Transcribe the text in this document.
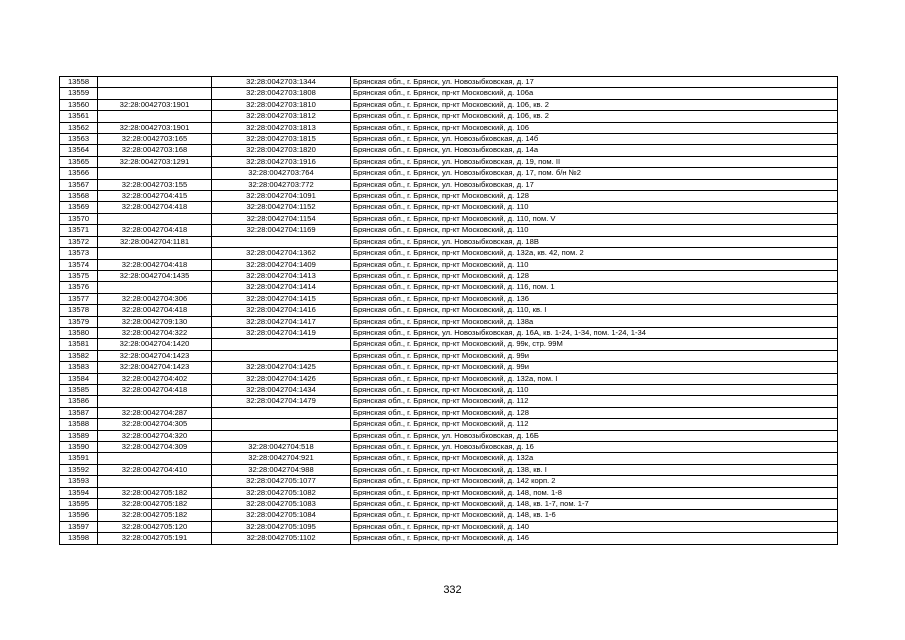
13558		32:28:0042703:1344	Брянская обл., г. Брянск, ул. Новозыбковская, д. 17
13559		32:28:0042703:1808	Брянская обл., г. Брянск, пр-кт Московский, д. 106а
13560	32:28:0042703:1901	32:28:0042703:1810	Брянская обл., г. Брянск, пр-кт Московский, д. 106, кв. 2
13561		32:28:0042703:1812	Брянская обл., г. Брянск, пр-кт Московский, д. 106, кв. 2
13562	32:28:0042703:1901	32:28:0042703:1813	Брянская обл., г. Брянск, пр-кт Московский, д. 106
13563	32:28:0042703:165	32:28:0042703:1815	Брянская обл., г. Брянск, ул. Новозыбковская, д. 14б
13564	32:28:0042703:168	32:28:0042703:1820	Брянская обл., г. Брянск, ул. Новозыбковская, д. 14а
13565	32:28:0042703:1291	32:28:0042703:1916	Брянская обл., г. Брянск, ул. Новозыбковская, д. 19, пом. II
13566		32:28:0042703:764	Брянская обл., г. Брянск, ул. Новозыбковская, д. 17, пом. б/н №2
13567	32:28:0042703:155	32:28:0042703:772	Брянская обл., г. Брянск, ул. Новозыбковская, д. 17
13568	32:28:0042704:415	32:28:0042704:1091	Брянская обл., г. Брянск, пр-кт Московский, д. 128
13569	32:28:0042704:418	32:28:0042704:1152	Брянская обл., г. Брянск, пр-кт Московский, д. 110
13570		32:28:0042704:1154	Брянская обл., г. Брянск, пр-кт Московский, д. 110, пом. V
13571	32:28:0042704:418	32:28:0042704:1169	Брянская обл., г. Брянск, пр-кт Московский, д. 110
13572	32:28:0042704:1181		Брянская обл., г. Брянск, ул. Новозыбковская, д. 18В
13573		32:28:0042704:1362	Брянская обл., г. Брянск, пр-кт Московский, д. 132а, кв. 42, пом. 2
13574	32:28:0042704:418	32:28:0042704:1409	Брянская обл., г. Брянск, пр-кт Московский, д. 110
13575	32:28:0042704:1435	32:28:0042704:1413	Брянская обл., г. Брянск, пр-кт Московский, д. 128
13576		32:28:0042704:1414	Брянская обл., г. Брянск, пр-кт Московский, д. 116, пом. 1
13577	32:28:0042704:306	32:28:0042704:1415	Брянская обл., г. Брянск, пр-кт Московский, д. 136
13578	32:28:0042704:418	32:28:0042704:1416	Брянская обл., г. Брянск, пр-кт Московский, д. 110, кв. I
13579	32:28:0042709:130	32:28:0042704:1417	Брянская обл., г. Брянск, пр-кт Московский, д. 138а
13580	32:28:0042704:322	32:28:0042704:1419	Брянская обл., г. Брянск, ул. Новозыбковская, д. 16А, кв. 1-24, 1-34, пом. 1-24, 1-34
13581	32:28:0042704:1420		Брянская обл., г. Брянск, пр-кт Московский, д. 99к, стр. 99М
13582	32:28:0042704:1423		Брянская обл., г. Брянск, пр-кт Московский, д. 99и
13583	32:28:0042704:1423	32:28:0042704:1425	Брянская обл., г. Брянск, пр-кт Московский, д. 99и
13584	32:28:0042704:402	32:28:0042704:1426	Брянская обл., г. Брянск, пр-кт Московский, д. 132а, пом. I
13585	32:28:0042704:418	32:28:0042704:1434	Брянская обл., г. Брянск, пр-кт Московский, д. 110
13586		32:28:0042704:1479	Брянская обл., г. Брянск, пр-кт Московский, д. 112
13587	32:28:0042704:287		Брянская обл., г. Брянск, пр-кт Московский, д. 128
13588	32:28:0042704:305		Брянская обл., г. Брянск, пр-кт Московский, д. 112
13589	32:28:0042704:320		Брянская обл., г. Брянск, ул. Новозыбковская, д. 16Б
13590	32:28:0042704:309	32:28:0042704:518	Брянская обл., г. Брянск, ул. Новозыбковская, д. 16
13591		32:28:0042704:921	Брянская обл., г. Брянск, пр-кт Московский, д. 132а
13592	32:28:0042704:410	32:28:0042704:988	Брянская обл., г. Брянск, пр-кт Московский, д. 138, кв. I
13593		32:28:0042705:1077	Брянская обл., г. Брянск, пр-кт Московский, д. 142 корп. 2
13594	32:28:0042705:182	32:28:0042705:1082	Брянская обл., г. Брянск, пр-кт Московский, д. 148, пом. 1-8
13595	32:28:0042705:182	32:28:0042705:1083	Брянская обл., г. Брянск, пр-кт Московский, д. 148, кв. 1-7, пом. 1-7
13596	32:28:0042705:182	32:28:0042705:1084	Брянская обл., г. Брянск, пр-кт Московский, д. 148, кв. 1-6
13597	32:28:0042705:120	32:28:0042705:1095	Брянская обл., г. Брянск, пр-кт Московский, д. 140
13598	32:28:0042705:191	32:28:0042705:1102	Брянская обл., г. Брянск, пр-кт Московский, д. 146
332
